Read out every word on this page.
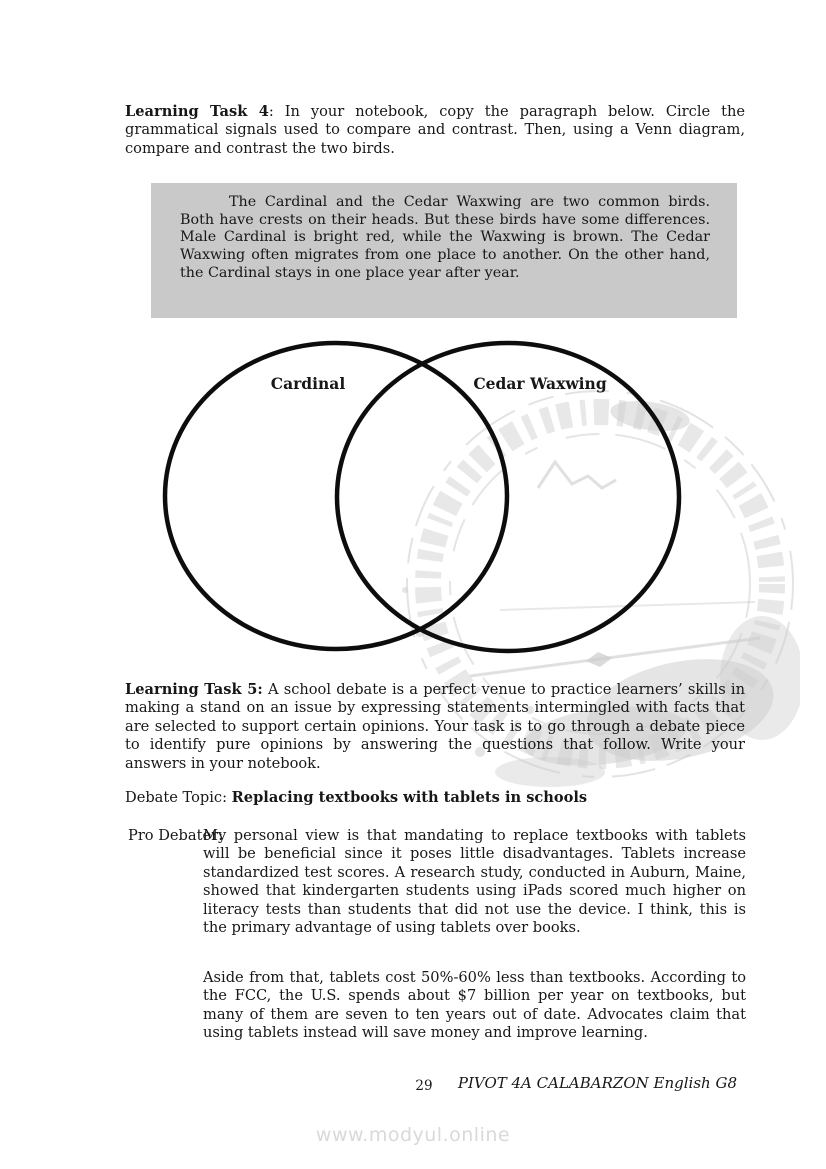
Learning Task 4: In your notebook, copy the paragraph below. Circle the grammatical signals used to compare and contrast. Then, using a Venn diagram, compare and contrast the two birds.

The Cardinal and the Cedar Waxwing are two common birds. Both have crests on their heads. But these birds have some differences. Male Cardinal is bright red, while the Waxwing is brown. The Cedar Waxwing often migrates from one place to another. On the other hand, the Cardinal stays in one place year after year.

Cardinal	Cedar Waxwing

Learning Task 5: A school debate is a perfect venue to practice learners’ skills in making a stand on an issue by expressing statements intermingled with facts that are selected to support certain opinions. Your task is to go through a debate piece to identify pure opinions by answering the questions that follow. Write your answers in your notebook.

Debate Topic: Replacing textbooks with tablets in schools

Pro Debater:

My personal view is that mandating to replace textbooks with tablets will be beneficial since it poses little disadvantages. Tablets increase standardized test scores. A research study, conducted in Auburn, Maine, showed that kindergarten students using iPads scored much higher on literacy tests than students that did not use the device. I think, this is the primary advantage of using tablets over books.

Aside from that, tablets cost 50%-60% less than textbooks. According to the FCC, the U.S. spends about $7 billion per year on textbooks, but many of them are seven to ten years out of date. Advocates claim that using tablets instead will save money and improve learning.

29	PIVOT 4A CALABARZON English G8
www.modyul.online
